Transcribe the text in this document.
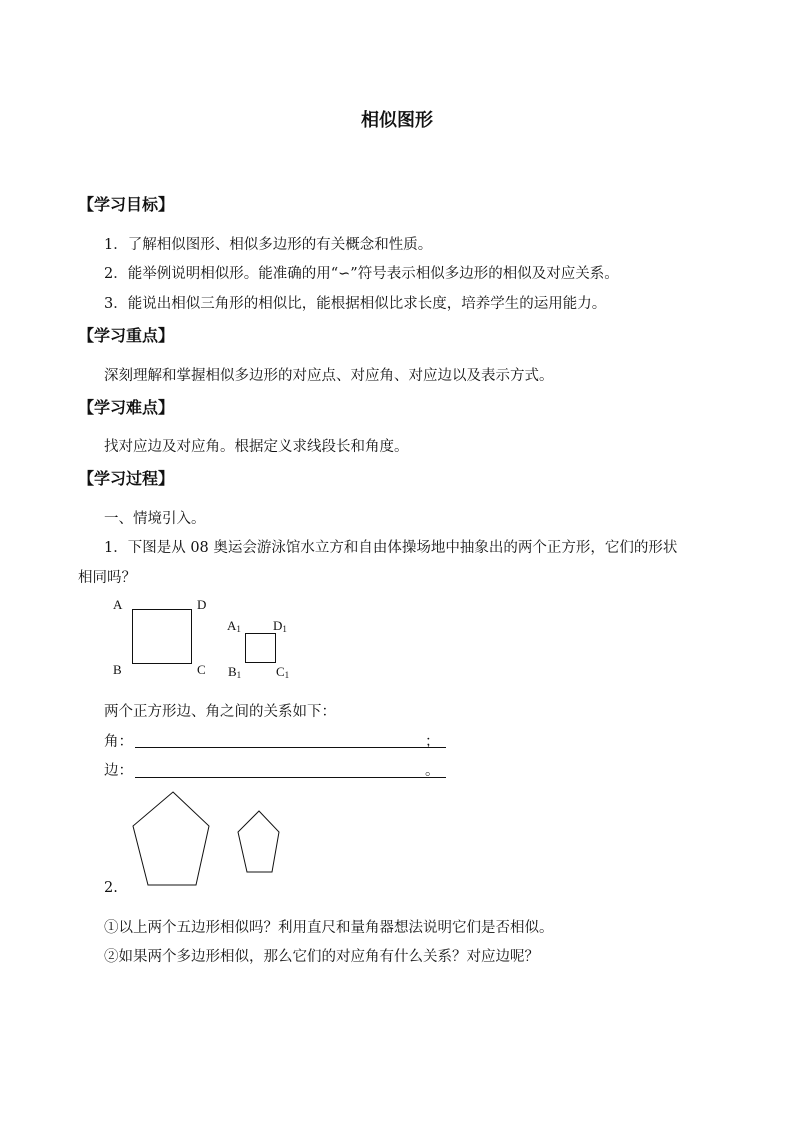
相似图形
【学习目标】
1．了解相似图形、相似多边形的有关概念和性质。
2．能举例说明相似形。能准确的用“∽”符号表示相似多边形的相似及对应关系。
3．能说出相似三角形的相似比，能根据相似比求长度，培养学生的运用能力。
【学习重点】
深刻理解和掌握相似多边形的对应点、对应角、对应边以及表示方式。
【学习难点】
找对应边及对应角。根据定义求线段长和角度。
【学习过程】
一、情境引入。
1．下图是从 08 奥运会游泳馆水立方和自由体操场地中抽象出的两个正方形，它们的形状
相同吗？
A	D
B	C
$A_1$ $D_1$
$B_1$	$C_1$
两个正方形边、角之间的关系如下：
角：	；
边：	。
2.
①以上两个五边形相似吗？利用直尺和量角器想法说明它们是否相似。
②如果两个多边形相似，那么它们的对应角有什么关系？对应边呢？
